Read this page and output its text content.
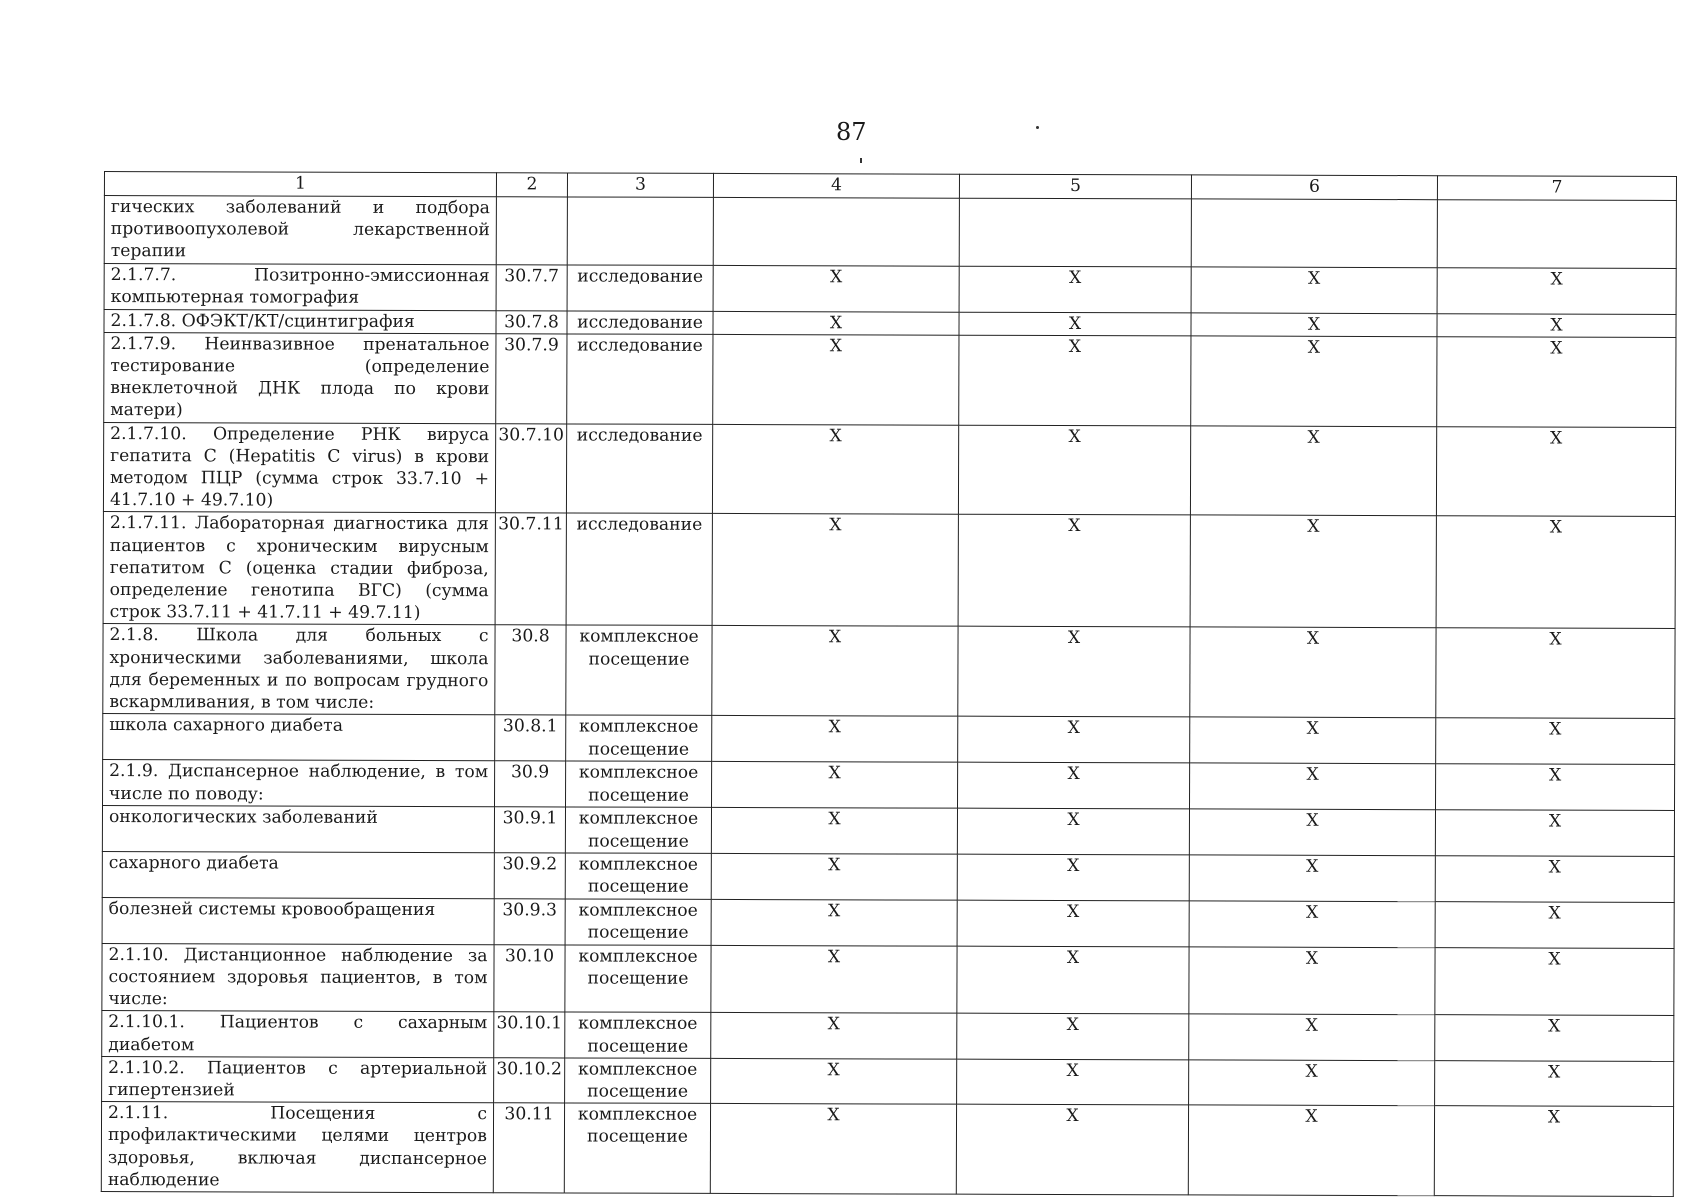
87
1	2	3	4	5	6	7
гических заболеваний и подбора противоопухолевой лекарственной терапии						
2.1.7.7. Позитронно-эмиссионная компьютерная томография	30.7.7	исследование	X	X	X	X
2.1.7.8. ОФЭКТ/КТ/сцинтиграфия	30.7.8	исследование	X	X	X	X
2.1.7.9. Неинвазивное пренатальное тестирование (определение внеклеточной ДНК плода по крови матери)	30.7.9	исследование	X	X	X	X
2.1.7.10. Определение РНК вируса гепатита С (Hepatitis C virus) в крови методом ПЦР (сумма строк 33.7.10 + 41.7.10 + 49.7.10)	30.7.10	исследование	X	X	X	X
2.1.7.11. Лабораторная диагностика для пациентов с хроническим вирусным гепатитом С (оценка стадии фиброза, определение генотипа ВГС) (сумма строк 33.7.11 + 41.7.11 + 49.7.11)	30.7.11	исследование	X	X	X	X
2.1.8. Школа для больных с хроническими заболеваниями, школа для беременных и по вопросам грудного вскармливания, в том числе:	30.8	комплексное посещение	X	X	X	X
школа сахарного диабета	30.8.1	комплексное посещение	X	X	X	X
2.1.9. Диспансерное наблюдение, в том числе по поводу:	30.9	комплексное посещение	X	X	X	X
онкологических заболеваний	30.9.1	комплексное посещение	X	X	X	X
сахарного диабета	30.9.2	комплексное посещение	X	X	X	X
болезней системы кровообращения	30.9.3	комплексное посещение	X	X	X	X
2.1.10. Дистанционное наблюдение за состоянием здоровья пациентов, в том числе:	30.10	комплексное посещение	X	X	X	X
2.1.10.1. Пациентов с сахарным диабетом	30.10.1	комплексное посещение	X	X	X	X
2.1.10.2. Пациентов с артериальной гипертензией	30.10.2	комплексное посещение	X	X	X	X
2.1.11. Посещения с профилактическими целями центров здоровья, включая диспансерное наблюдение	30.11	комплексное посещение	X	X	X	X
